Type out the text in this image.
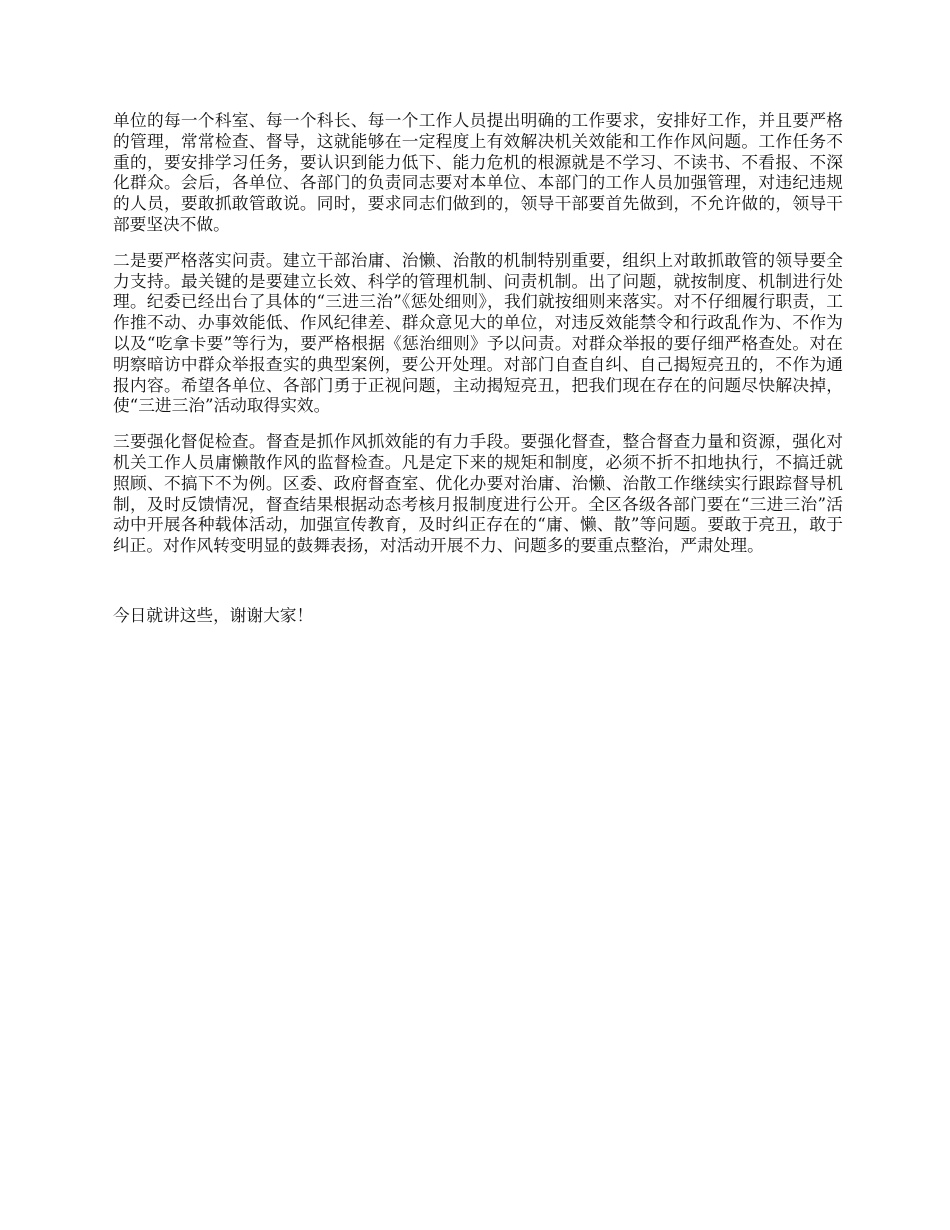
单位的每一个科室、每一个科长、每一个工作人员提出明确的工作要求，安排好工作，并且要严格的管理，常常检查、督导，这就能够在一定程度上有效解决机关效能和工作作风问题。工作任务不重的，要安排学习任务，要认识到能力低下、能力危机的根源就是不学习、不读书、不看报、不深化群众。会后，各单位、各部门的负责同志要对本单位、本部门的工作人员加强管理，对违纪违规的人员，要敢抓敢管敢说。同时，要求同志们做到的，领导干部要首先做到，不允许做的，领导干部要坚决不做。

二是要严格落实问责。建立干部治庸、治懒、治散的机制特别重要，组织上对敢抓敢管的领导要全力支持。最关键的是要建立长效、科学的管理机制、问责机制。出了问题，就按制度、机制进行处理。纪委已经出台了具体的“三进三治”《惩处细则》，我们就按细则来落实。对不仔细履行职责，工作推不动、办事效能低、作风纪律差、群众意见大的单位，对违反效能禁令和行政乱作为、不作为以及“吃拿卡要”等行为，要严格根据《惩治细则》予以问责。对群众举报的要仔细严格查处。对在明察暗访中群众举报查实的典型案例，要公开处理。对部门自查自纠、自己揭短亮丑的，不作为通报内容。希望各单位、各部门勇于正视问题，主动揭短亮丑，把我们现在存在的问题尽快解决掉，使“三进三治”活动取得实效。

三要强化督促检查。督查是抓作风抓效能的有力手段。要强化督查，整合督查力量和资源，强化对机关工作人员庸懒散作风的监督检查。凡是定下来的规矩和制度，必须不折不扣地执行，不搞迁就照顾、不搞下不为例。区委、政府督查室、优化办要对治庸、治懒、治散工作继续实行跟踪督导机制，及时反馈情况，督查结果根据动态考核月报制度进行公开。全区各级各部门要在“三进三治”活动中开展各种载体活动，加强宣传教育，及时纠正存在的“庸、懒、散”等问题。要敢于亮丑，敢于纠正。对作风转变明显的鼓舞表扬，对活动开展不力、问题多的要重点整治，严肃处理。

今日就讲这些，谢谢大家！
